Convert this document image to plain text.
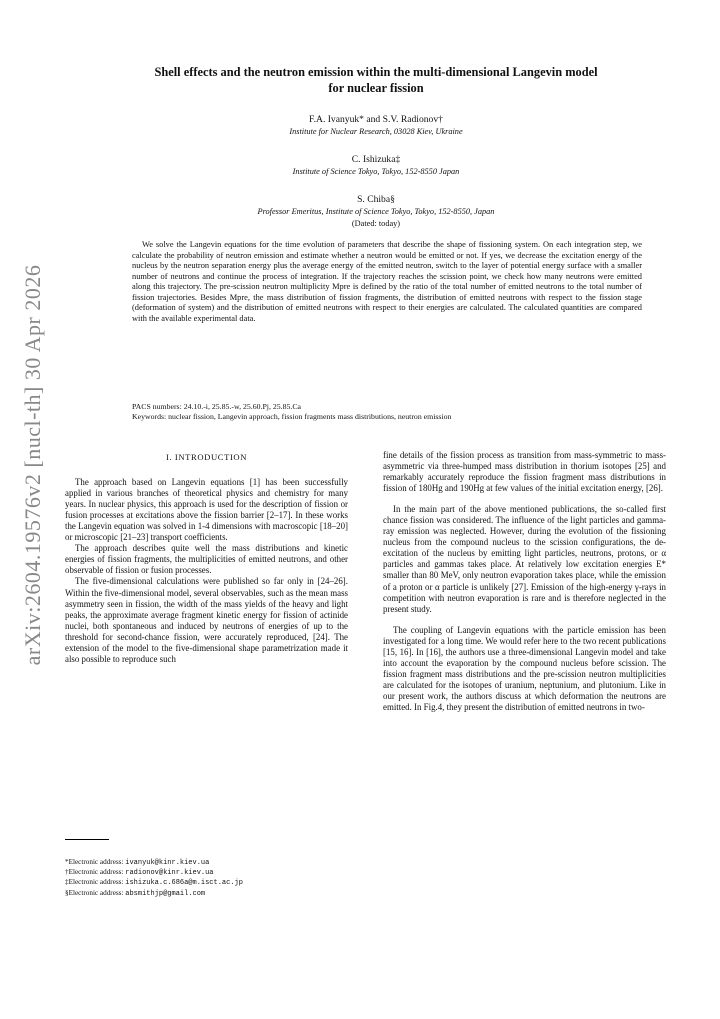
arXiv:2604.19576v2 [nucl-th] 30 Apr 2026
Shell effects and the neutron emission within the multi-dimensional Langevin model
for nuclear fission
F.A. Ivanyuk* and S.V. Radionov†
Institute for Nuclear Research, 03028 Kiev, Ukraine
C. Ishizuka‡
Institute of Science Tokyo, Tokyo, 152-8550 Japan
S. Chiba§
Professor Emeritus, Institute of Science Tokyo, Tokyo, 152-8550, Japan
(Dated: today)
We solve the Langevin equations for the time evolution of parameters that describe the shape of fissioning system. On each integration step, we calculate the probability of neutron emission and estimate whether a neutron would be emitted or not. If yes, we decrease the excitation energy of the nucleus by the neutron separation energy plus the average energy of the emitted neutron, switch to the layer of potential energy surface with a smaller number of neutrons and continue the process of integration. If the trajectory reaches the scission point, we check how many neutrons were emitted along this trajectory. The pre-scission neutron multiplicity Mpre is defined by the ratio of the total number of emitted neutrons to the total number of fission trajectories. Besides Mpre, the mass distribution of fission fragments, the distribution of emitted neutrons with respect to the fission stage (deformation of system) and the distribution of emitted neutrons with respect to their energies are calculated. The calculated quantities are compared with the available experimental data.
PACS numbers: 24.10.-i, 25.85.-w, 25.60.Pj, 25.85.Ca
Keywords: nuclear fission, Langevin approach, fission fragments mass distributions, neutron emission
I. INTRODUCTION

The approach based on Langevin equations [1] has been successfully applied in various branches of theoretical physics and chemistry for many years. In nuclear physics, this approach is used for the description of fission or fusion processes at excitations above the fission barrier [2–17]. In these works the Langevin equation was solved in 1-4 dimensions with macroscopic [18–20] or microscopic [21–23] transport coefficients.

The approach describes quite well the mass distributions and kinetic energies of fission fragments, the multiplicities of emitted neutrons, and other observable of fission or fusion processes.

The five-dimensional calculations were published so far only in [24–26]. Within the five-dimensional model, several observables, such as the mean mass asymmetry seen in fission, the width of the mass yields of the heavy and light peaks, the approximate average fragment kinetic energy for fission of actinide nuclei, both spontaneous and induced by neutrons of energies of up to the threshold for second-chance fission, were accurately reproduced, [24]. The extension of the model to the five-dimensional shape parametrization made it also possible to reproduce such

fine details of the fission process as transition from mass-symmetric to mass-asymmetric via three-humped mass distribution in thorium isotopes [25] and remarkably accurately reproduce the fission fragment mass distributions in fission of 180Hg and 190Hg at few values of the initial excitation energy, [26].

In the main part of the above mentioned publications, the so-called first chance fission was considered. The influence of the light particles and gamma-ray emission was neglected. However, during the evolution of the fissioning nucleus from the compound nucleus to the scission configurations, the de-excitation of the nucleus by emitting light particles, neutrons, protons, or α particles and gammas takes place. At relatively low excitation energies E* smaller than 80 MeV, only neutron evaporation takes place, while the emission of a proton or α particle is unlikely [27]. Emission of the high-energy γ-rays in competition with neutron evaporation is rare and is therefore neglected in the present study.

The coupling of Langevin equations with the particle emission has been investigated for a long time. We would refer here to the two recent publications [15, 16]. In [16], the authors use a three-dimensional Langevin model and take into account the evaporation by the compound nucleus before scission. The fission fragment mass distributions and the pre-scission neutron multiplicities are calculated for the isotopes of uranium, neptunium, and plutonium. Like in our present work, the authors discuss at which deformation the neutrons are emitted. In Fig.4, they present the distribution of emitted neutrons in two-

*Electronic address: ivanyuk@kinr.kiev.ua
†Electronic address: radionov@kinr.kiev.ua
‡Electronic address: ishizuka.c.686a@m.isct.ac.jp
§Electronic address: absmithjp@gmail.com
